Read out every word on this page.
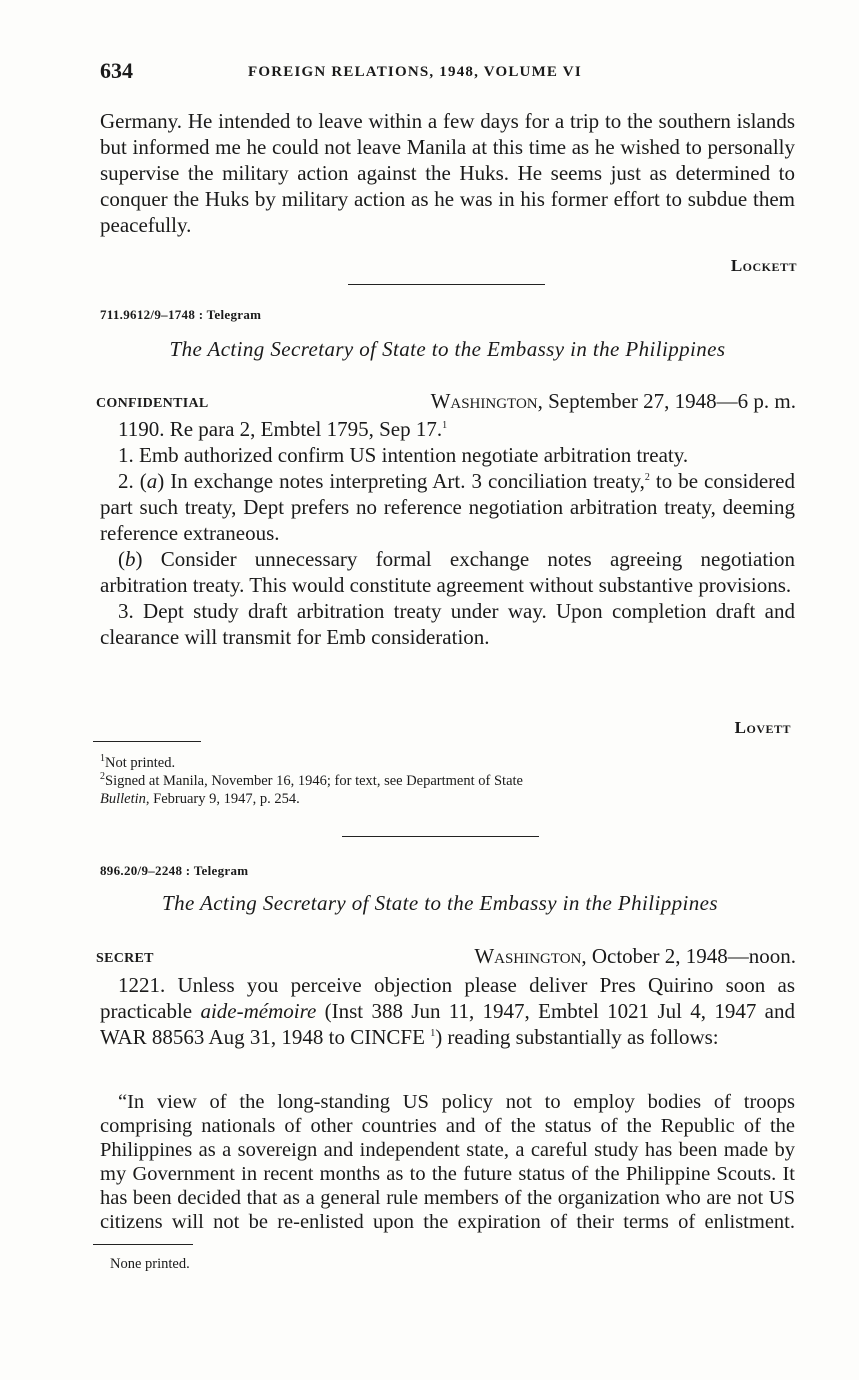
634	FOREIGN RELATIONS, 1948, VOLUME VI

Germany. He intended to leave within a few days for a trip to the southern islands but informed me he could not leave Manila at this time as he wished to personally supervise the military action against the Huks. He seems just as determined to conquer the Huks by military action as he was in his former effort to subdue them peacefully.

Lockett
711.9612/9–1748 : Telegram
The Acting Secretary of State to the Embassy in the Philippines
CONFIDENTIAL	Washington, September 27, 1948—6 p. m.

1190. Re para 2, Embtel 1795, Sep 17.$^1$

1. Emb authorized confirm US intention negotiate arbitration treaty.

2. (a) In exchange notes interpreting Art. 3 conciliation treaty,$^2$ to be considered part such treaty, Dept prefers no reference negotiation arbitration treaty, deeming reference extraneous.

(b) Consider unnecessary formal exchange notes agreeing negotiation arbitration treaty. This would constitute agreement without substantive provisions.

3. Dept study draft arbitration treaty under way. Upon completion draft and clearance will transmit for Emb consideration.

Lovett

$^1$Not printed.

$^2$Signed at Manila, November 16, 1946; for text, see Department of State
Bulletin, February 9, 1947, p. 254.

896.20/9–2248 : Telegram
The Acting Secretary of State to the Embassy in the Philippines
SECRET	Washington, October 2, 1948—noon.

1221. Unless you perceive objection please deliver Pres Quirino soon as practicable aide-mémoire (Inst 388 Jun 11, 1947, Embtel 1021 Jul 4, 1947 and WAR 88563 Aug 31, 1948 to CINCFE $^1$) reading substantially as follows:

“In view of the long-standing US policy not to employ bodies of troops comprising nationals of other countries and of the status of the Republic of the Philippines as a sovereign and independent state, a careful study has been made by my Government in recent months as to the future status of the Philippine Scouts. It has been decided that as a general rule members of the organization who are not US citizens will not be re-enlisted upon the expiration of their terms of enlistment.

None printed.
